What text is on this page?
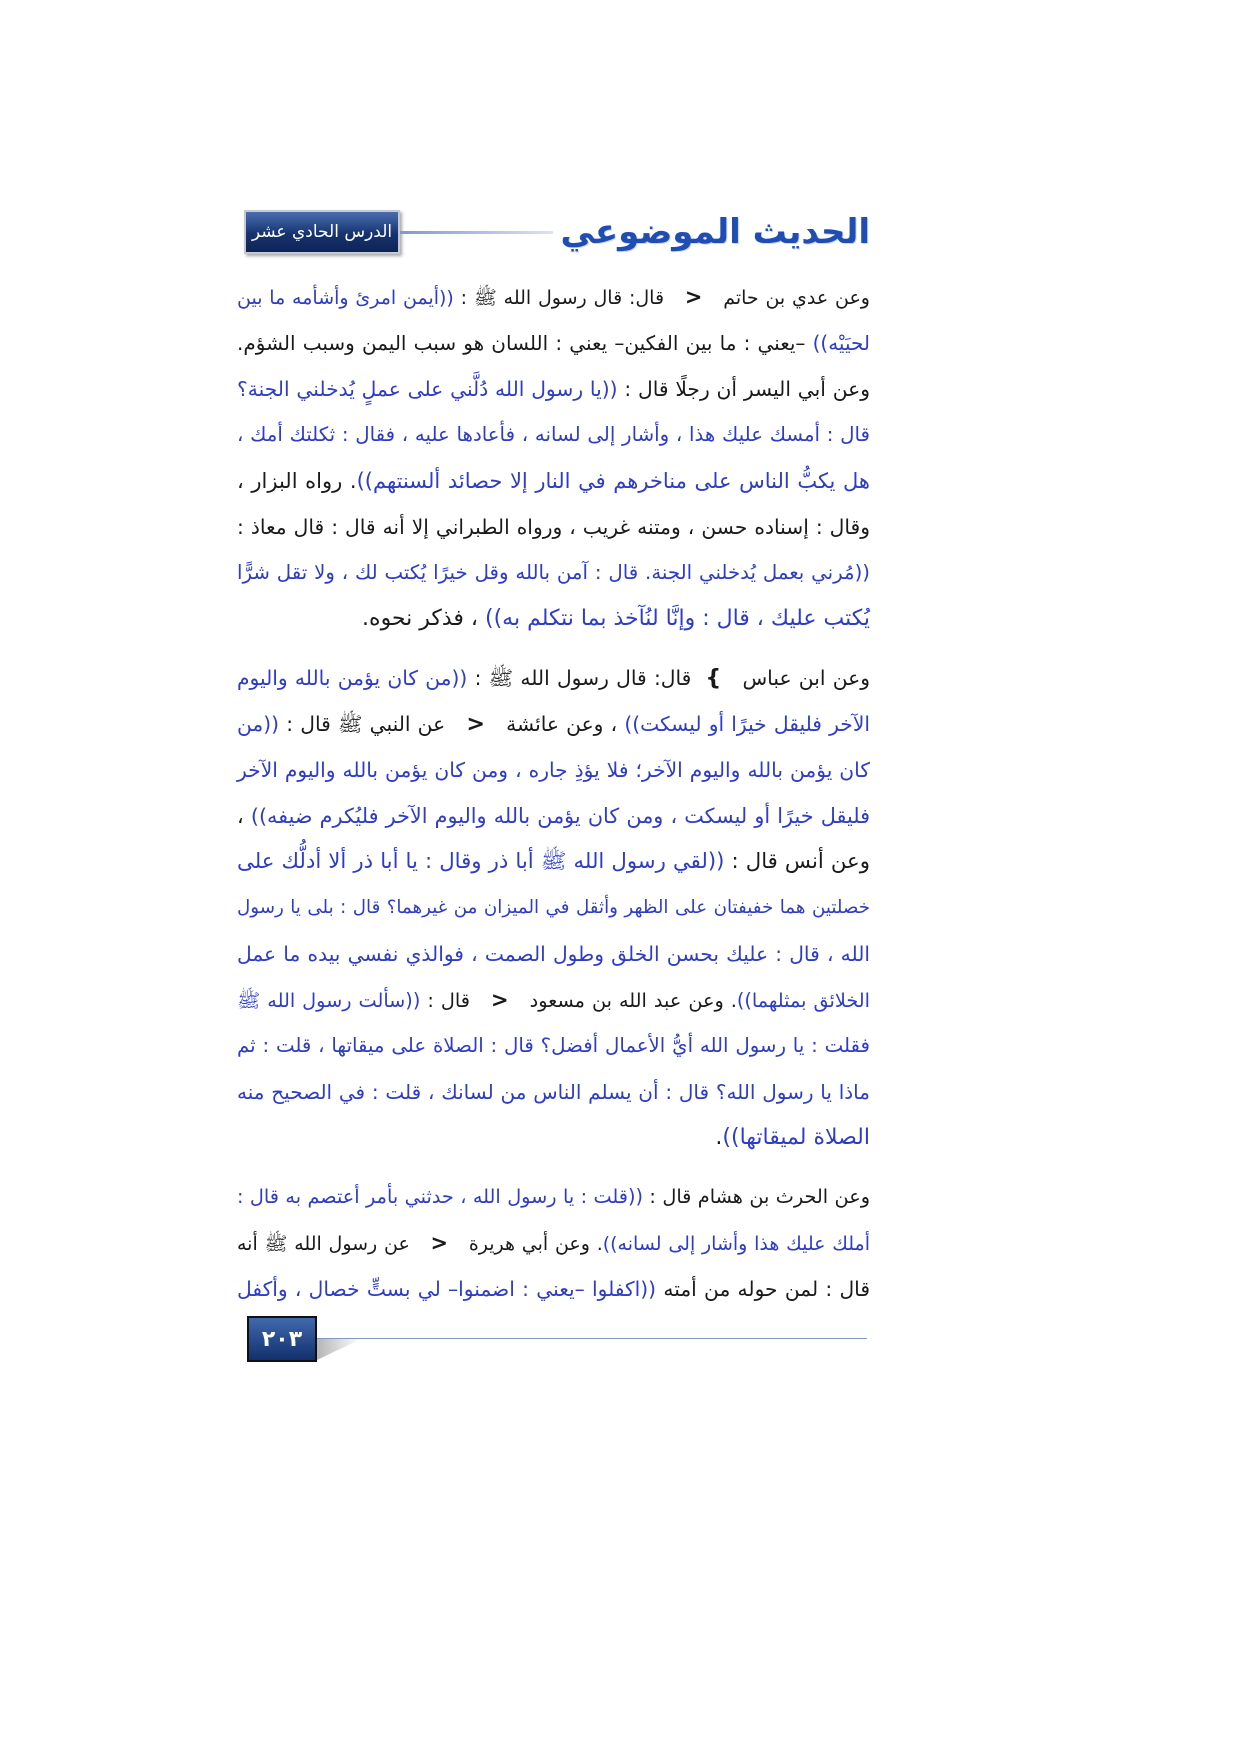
الحديث الموضوعي
الدرس الحادي عشر
وعن عدي بن حاتم > قال: قال رسول الله ﷺ : ((أيمن امرئ وأشأمه ما بين
لحيَيْه)) –يعني : ما بين الفكين– يعني : اللسان هو سبب اليمن وسبب الشؤم.
وعن أبي اليسر أن رجلًا قال : ((يا رسول الله دُلَّني على عملٍ يُدخلني الجنة؟
قال : أمسك عليك هذا ، وأشار إلى لسانه ، فأعادها عليه ، فقال : ثكلتك أمك ،
هل يكبُّ الناس على مناخرهم في النار إلا حصائد ألسنتهم)). رواه البزار ،
وقال : إسناده حسن ، ومتنه غريب ، ورواه الطبراني إلا أنه قال : قال معاذ :
((مُرني بعمل يُدخلني الجنة. قال : آمن بالله وقل خيرًا يُكتب لك ، ولا تقل شرًّا
يُكتب عليك ، قال : وإنَّا لنُآخذ بما نتكلم به)) ، فذكر نحوه.
وعن ابن عباس {قال: قال رسول الله ﷺ : ((من كان يؤمن بالله واليوم
الآخر فليقل خيرًا أو ليسكت)) ، وعن عائشة > عن النبي ﷺ قال : ((من
كان يؤمن بالله واليوم الآخر؛ فلا يؤذِ جاره ، ومن كان يؤمن بالله واليوم الآخر
فليقل خيرًا أو ليسكت ، ومن كان يؤمن بالله واليوم الآخر فليُكرم ضيفه)) ،
وعن أنس قال : ((لقي رسول الله ﷺ أبا ذر وقال : يا أبا ذر ألا أدلُّك على
خصلتين هما خفيفتان على الظهر وأثقل في الميزان من غيرهما؟ قال : بلى يا رسول
الله ، قال : عليك بحسن الخلق وطول الصمت ، فوالذي نفسي بيده ما عمل
الخلائق بمثلهما)). وعن عبد الله بن مسعود > قال : ((سألت رسول الله ﷺ
فقلت : يا رسول الله أيُّ الأعمال أفضل؟ قال : الصلاة على ميقاتها ، قلت : ثم
ماذا يا رسول الله؟ قال : أن يسلم الناس من لسانك ، قلت : في الصحيح منه
الصلاة لميقاتها)).
وعن الحرث بن هشام قال : ((قلت : يا رسول الله ، حدثني بأمر أعتصم به قال :
أملك عليك هذا وأشار إلى لسانه)). وعن أبي هريرة > عن رسول الله ﷺ أنه
قال : لمن حوله من أمته ((اكفلوا –يعني : اضمنوا– لي بستٍّ خصال ، وأكفل
٢٠٣
